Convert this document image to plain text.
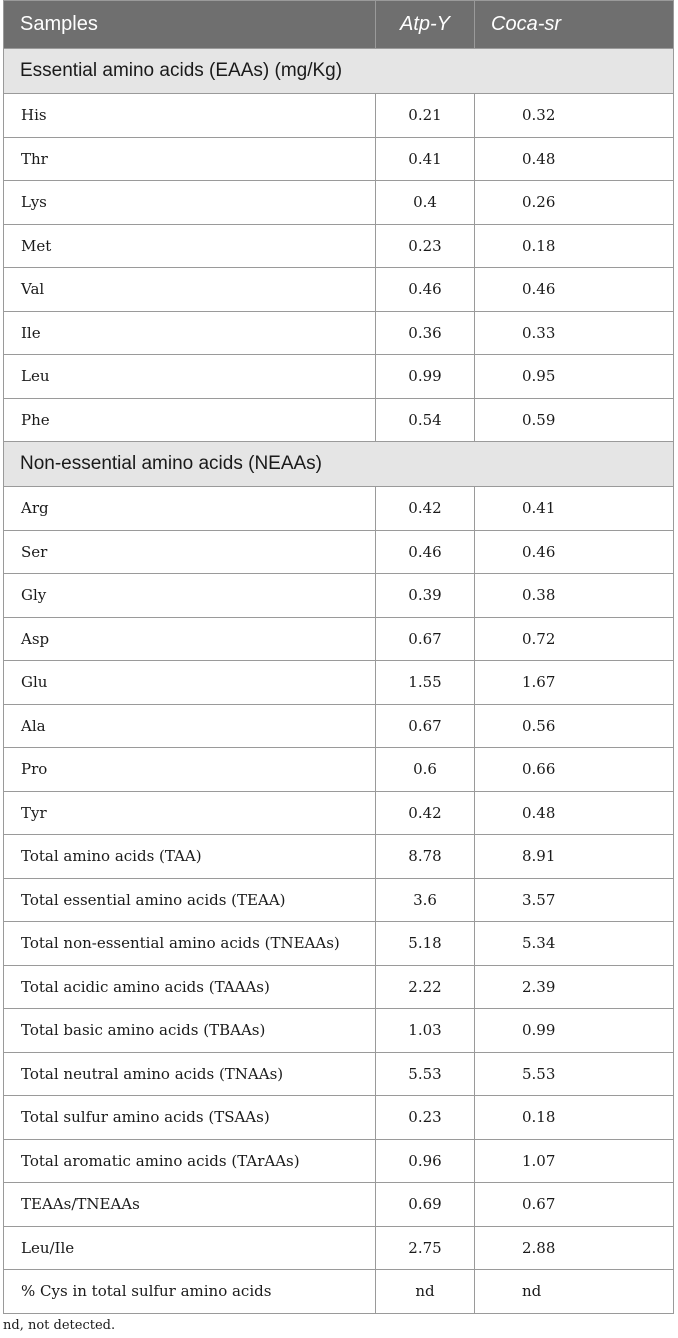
Samples	Atp-Y	Coca-sr
Essential amino acids (EAAs) (mg/Kg)		
His	0.21	0.32
Thr	0.41	0.48
Lys	0.4	0.26
Met	0.23	0.18
Val	0.46	0.46
Ile	0.36	0.33
Leu	0.99	0.95
Phe	0.54	0.59
Non-essential amino acids (NEAAs)		
Arg	0.42	0.41
Ser	0.46	0.46
Gly	0.39	0.38
Asp	0.67	0.72
Glu	1.55	1.67
Ala	0.67	0.56
Pro	0.6	0.66
Tyr	0.42	0.48
Total amino acids (TAA)	8.78	8.91
Total essential amino acids (TEAA)	3.6	3.57
Total non-essential amino acids (TNEAAs)	5.18	5.34
Total acidic amino acids (TAAAs)	2.22	2.39
Total basic amino acids (TBAAs)	1.03	0.99
Total neutral amino acids (TNAAs)	5.53	5.53
Total sulfur amino acids (TSAAs)	0.23	0.18
Total aromatic amino acids (TArAAs)	0.96	1.07
TEAAs/TNEAAs	0.69	0.67
Leu/Ile	2.75	2.88
% Cys in total sulfur amino acids	nd	nd
nd, not detected.
